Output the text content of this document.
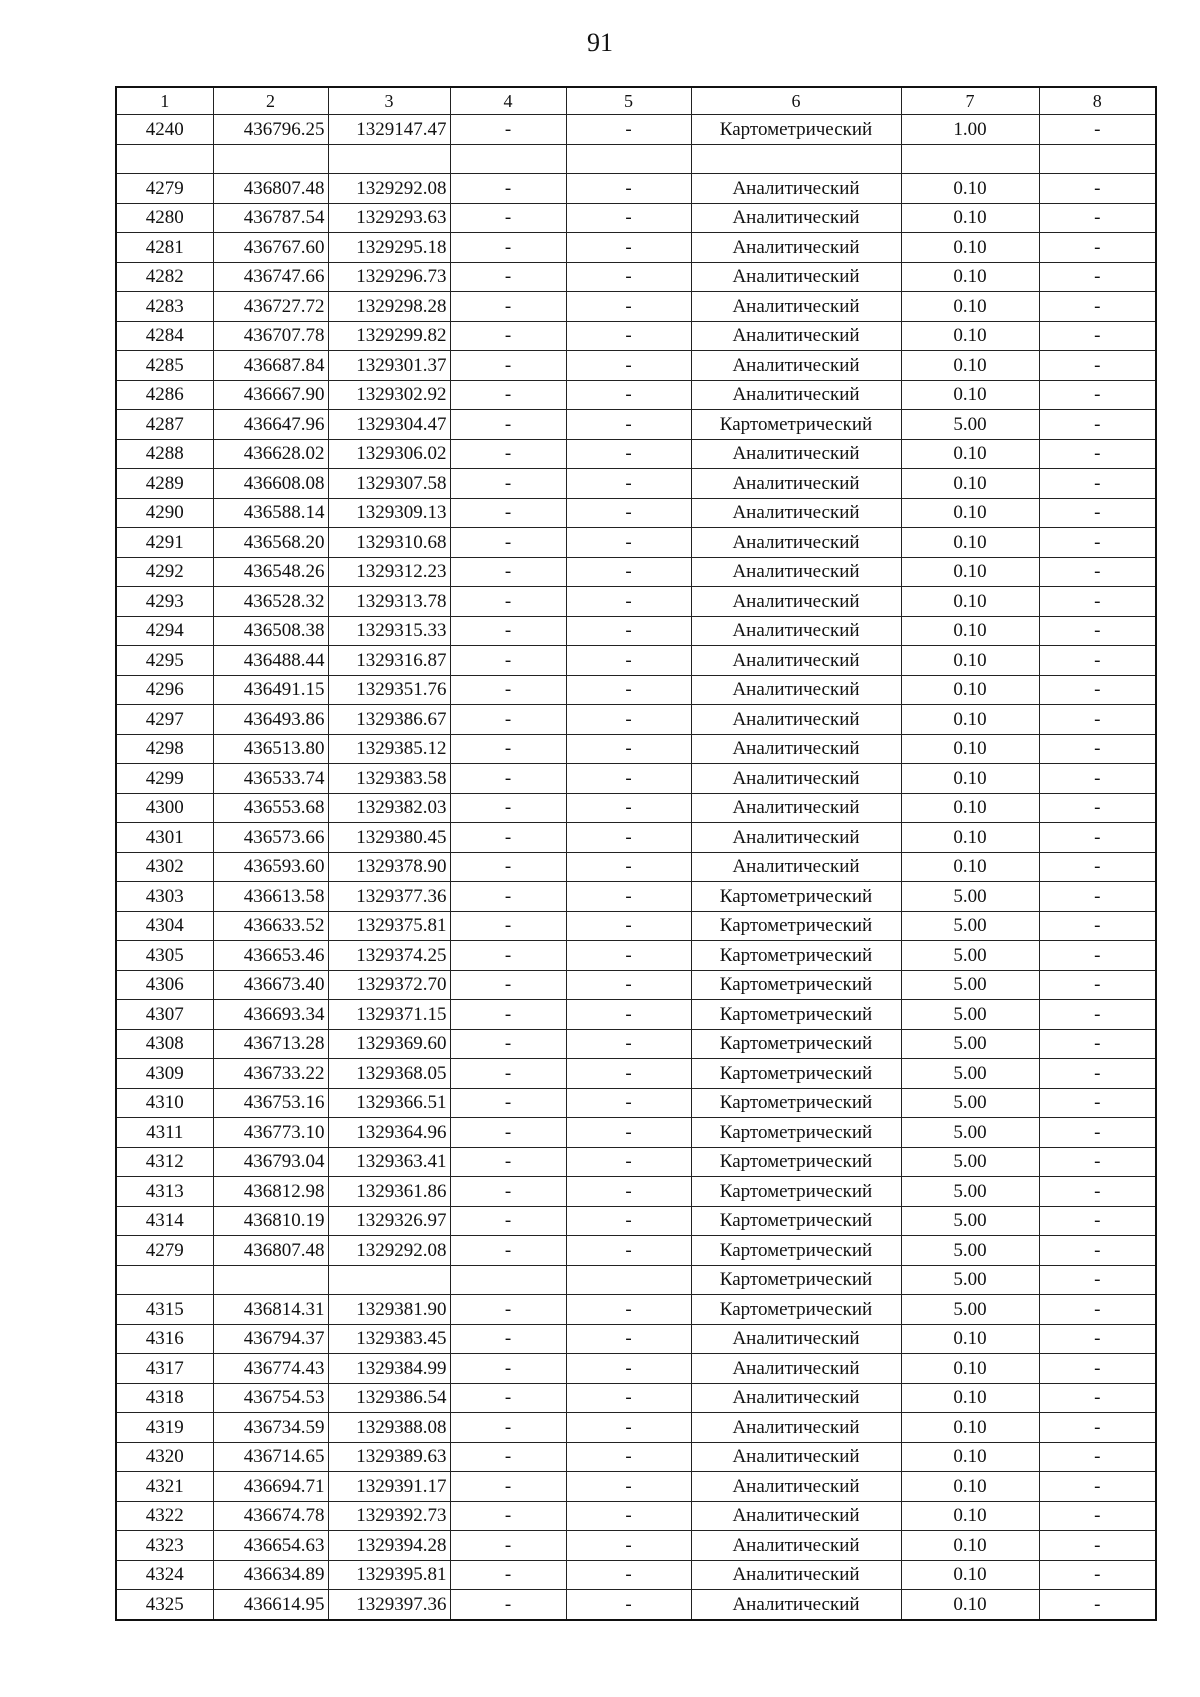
91
1	2	3	4	5	6	7	8
4240	436796.25	1329147.47	-	-	Картометрический	1.00	-

4279	436807.48	1329292.08	-	-	Аналитический	0.10	-
4280	436787.54	1329293.63	-	-	Аналитический	0.10	-
4281	436767.60	1329295.18	-	-	Аналитический	0.10	-
4282	436747.66	1329296.73	-	-	Аналитический	0.10	-
4283	436727.72	1329298.28	-	-	Аналитический	0.10	-
4284	436707.78	1329299.82	-	-	Аналитический	0.10	-
4285	436687.84	1329301.37	-	-	Аналитический	0.10	-
4286	436667.90	1329302.92	-	-	Аналитический	0.10	-
4287	436647.96	1329304.47	-	-	Картометрический	5.00	-
4288	436628.02	1329306.02	-	-	Аналитический	0.10	-
4289	436608.08	1329307.58	-	-	Аналитический	0.10	-
4290	436588.14	1329309.13	-	-	Аналитический	0.10	-
4291	436568.20	1329310.68	-	-	Аналитический	0.10	-
4292	436548.26	1329312.23	-	-	Аналитический	0.10	-
4293	436528.32	1329313.78	-	-	Аналитический	0.10	-
4294	436508.38	1329315.33	-	-	Аналитический	0.10	-
4295	436488.44	1329316.87	-	-	Аналитический	0.10	-
4296	436491.15	1329351.76	-	-	Аналитический	0.10	-
4297	436493.86	1329386.67	-	-	Аналитический	0.10	-
4298	436513.80	1329385.12	-	-	Аналитический	0.10	-
4299	436533.74	1329383.58	-	-	Аналитический	0.10	-
4300	436553.68	1329382.03	-	-	Аналитический	0.10	-
4301	436573.66	1329380.45	-	-	Аналитический	0.10	-
4302	436593.60	1329378.90	-	-	Аналитический	0.10	-
4303	436613.58	1329377.36	-	-	Картометрический	5.00	-
4304	436633.52	1329375.81	-	-	Картометрический	5.00	-
4305	436653.46	1329374.25	-	-	Картометрический	5.00	-
4306	436673.40	1329372.70	-	-	Картометрический	5.00	-
4307	436693.34	1329371.15	-	-	Картометрический	5.00	-
4308	436713.28	1329369.60	-	-	Картометрический	5.00	-
4309	436733.22	1329368.05	-	-	Картометрический	5.00	-
4310	436753.16	1329366.51	-	-	Картометрический	5.00	-
4311	436773.10	1329364.96	-	-	Картометрический	5.00	-
4312	436793.04	1329363.41	-	-	Картометрический	5.00	-
4313	436812.98	1329361.86	-	-	Картометрический	5.00	-
4314	436810.19	1329326.97	-	-	Картометрический	5.00	-
4279	436807.48	1329292.08	-	-	Картометрический	5.00	-
					Картометрический	5.00	-
4315	436814.31	1329381.90	-	-	Картометрический	5.00	-
4316	436794.37	1329383.45	-	-	Аналитический	0.10	-
4317	436774.43	1329384.99	-	-	Аналитический	0.10	-
4318	436754.53	1329386.54	-	-	Аналитический	0.10	-
4319	436734.59	1329388.08	-	-	Аналитический	0.10	-
4320	436714.65	1329389.63	-	-	Аналитический	0.10	-
4321	436694.71	1329391.17	-	-	Аналитический	0.10	-
4322	436674.78	1329392.73	-	-	Аналитический	0.10	-
4323	436654.63	1329394.28	-	-	Аналитический	0.10	-
4324	436634.89	1329395.81	-	-	Аналитический	0.10	-
4325	436614.95	1329397.36	-	-	Аналитический	0.10	-
